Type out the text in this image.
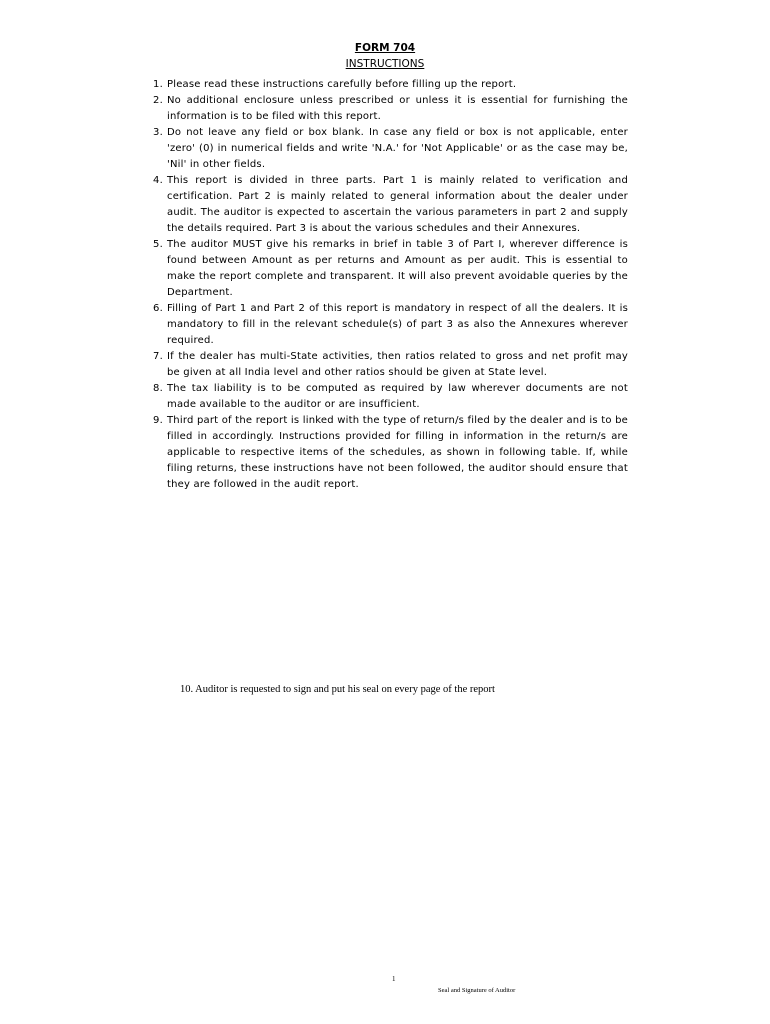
FORM 704

INSTRUCTIONS

1. Please read these instructions carefully before filling up the report.
2. No additional enclosure unless prescribed or unless it is essential for furnishing the information is to be filed with this report.
3. Do not leave any field or box blank. In case any field or box is not applicable, enter 'zero' (0) in numerical fields and write 'N.A.' for 'Not Applicable' or as the case may be, 'Nil' in other fields.
4. This report is divided in three parts. Part 1 is mainly related to verification and certification. Part 2 is mainly related to general information about the dealer under audit. The auditor is expected to ascertain the various parameters in part 2 and supply the details required. Part 3 is about the various schedules and their Annexures.
5. The auditor MUST give his remarks in brief in table 3 of Part I, wherever difference is found between Amount as per returns and Amount as per audit. This is essential to make the report complete and transparent. It will also prevent avoidable queries by the Department.
6. Filling of Part 1 and Part 2 of this report is mandatory in respect of all the dealers. It is mandatory to fill in the relevant schedule(s) of part 3 as also the Annexures wherever required.
7. If the dealer has multi-State activities, then ratios related to gross and net profit may be given at all India level and other ratios should be given at State level.
8. The tax liability is to be computed as required by law wherever documents are not made available to the auditor or are insufficient.
9. Third part of the report is linked with the type of return/s filed by the dealer and is to be filled in accordingly. Instructions provided for filling in information in the return/s are applicable to respective items of the schedules, as shown in following table. If, while filing returns, these instructions have not been followed, the auditor should ensure that they are followed in the audit report.

10. Auditor is requested to sign and put his seal on every page of the report

1

Seal and Signature of Auditor
